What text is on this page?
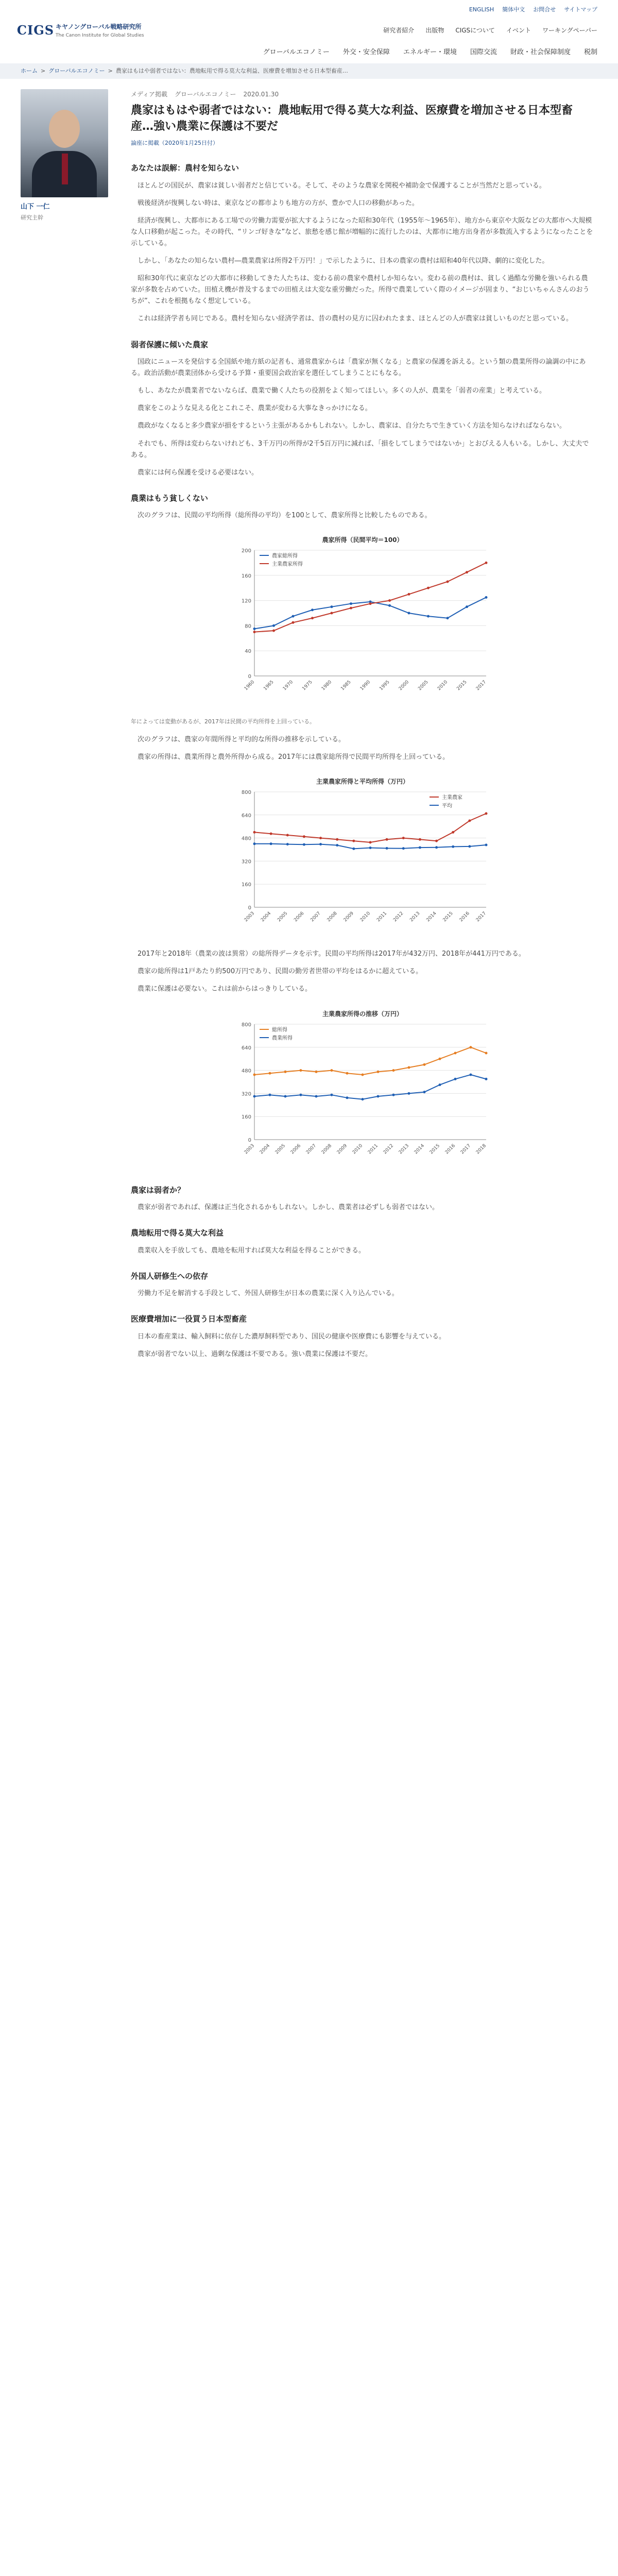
ENGLISH 簡体中文 お問合せ サイトマップ
CIGS キヤノングローバル戦略研究所
The Canon Institute for Global Studies
研究者紹介 出版物 CIGSについて イベント ワーキングペーパー
グローバルエコノミー 外交・安全保障 エネルギー・環境 国際交流 財政・社会保障制度 税制
ホーム > グローバルエコノミー > 農家はもはや弱者ではない：農地転用で得る莫大な利益、医療費を増加させる日本型畜産…
山下 一仁
研究主幹
メディア掲載 グローバルエコノミー 2020.01.30
農家はもはや弱者ではない：農地転用で得る莫大な利益、医療費を増加させる日本型畜産…強い農業に保護は不要だ
論座に掲載（2020年1月25日付）
あなたは誤解：農村を知らない

ほとんどの国民が、農家は貧しい弱者だと信じている。そして、そのような農家を関税や補助金で保護することが当然だと思っている。

戦後経済が復興しない時は、東京などの都市よりも地方の方が、豊かで人口の移動があった。

経済が復興し、大都市にある工場での労働力需要が拡大するようになった昭和30年代（1955年〜1965年）、地方から東京や大阪などの大都市へ大規模な人口移動が起こった。その時代、“リンゴ好きな”など、旅愁を感じ館が増幅的に流行したのは、大都市に地方出身者が多数流入するようになったことを示している。

しかし、「あなたの知らない農村―農業農家は所得2千万円！」で示したように、日本の農家の農村は昭和40年代以降、劇的に変化した。

昭和30年代に東京などの大都市に移動してきた人たちは、変わる前の農家や農村しか知らない。変わる前の農村は、貧しく過酷な労働を強いられる農家が多数を占めていた。田植え機が普及するまでの田植えは大変な重労働だった。所得で農業していく際のイメージが固まり、“おじいちゃんさんのおうちが”、これを根拠もなく想定している。

これは経済学者も同じである。農村を知らない経済学者は、昔の農村の見方に囚われたまま、ほとんどの人が農家は貧しいものだと思っている。

弱者保護に傾いた農家

国政にニュースを発信する全国紙や地方紙の記者も、通常農家からは「農家が無くなる」と農家の保護を訴える。という類の農業所得の論調の中にある。政治活動が農業団体から受ける予算・重要国会政治家を選任してしまうことにもなる。

もし、あなたが農業者でないならば、農業で働く人たちの役割をよく知ってほしい。多くの人が、農業を「弱者の産業」と考えている。

農家をこのような見える化とこれこそ、農業が変わる大事なきっかけになる。

農政がなくなると多少農家が損をするという主張があるかもしれない。しかし、農家は、自分たちで生きていく方法を知らなければならない。

それでも、所得は変わらないけれども、3千万円の所得が2千5百万円に減れば、「損をしてしまうではないか」とおびえる人もいる。しかし、大丈夫である。

農家には何ら保護を受ける必要はない。

農業はもう貧しくない

次のグラフは、民間の平均所得（総所得の平均）を100として、農家所得と比較したものである。

農家所得（民間平均＝100）
0
40
80
120
160
200
1960 1965 1970 1975 1980 1985 1990 1995 2000 2005 2010 2015 2017
農家総所得
主業農家所得

年によっては変動があるが、2017年は民間の平均所得を上回っている。

次のグラフは、農家の年間所得と平均的な所得の推移を示している。

農家の所得は、農業所得と農外所得から成る。2017年には農家総所得で民間平均所得を上回っている。

主業農家所得と平均所得（万円）
0
160
320
480
640
800
2003 2004 2005 2006 2007 2008 2009 2010 2011 2012 2013 2014 2015 2016 2017
主業農家
平均

2017年と2018年（農業の波は異常）の総所得データを示す。民間の平均所得は2017年が432万円、2018年が441万円である。

農家の総所得は1戸あたり約500万円であり、民間の勤労者世帯の平均をはるかに超えている。

農業に保護は必要ない。これは前からはっきりしている。

主業農家所得の推移（万円）
0
160
320
480
640
800
2003 2004 2005 2006 2007 2008 2009 2010 2011 2012 2013 2014 2015 2016 2017 2018
総所得
農業所得
農家は弱者か？

農家が弱者であれば、保護は正当化されるかもしれない。しかし、農業者は必ずしも弱者ではない。

農地転用で得る莫大な利益

農業収入を手放しても、農地を転用すれば莫大な利益を得ることができる。

外国人研修生への依存

労働力不足を解消する手段として、外国人研修生が日本の農業に深く入り込んでいる。

医療費増加に一役買う日本型畜産

日本の畜産業は、輸入飼料に依存した濃厚飼料型であり、国民の健康や医療費にも影響を与えている。

農家が弱者でない以上、過剰な保護は不要である。強い農業に保護は不要だ。
